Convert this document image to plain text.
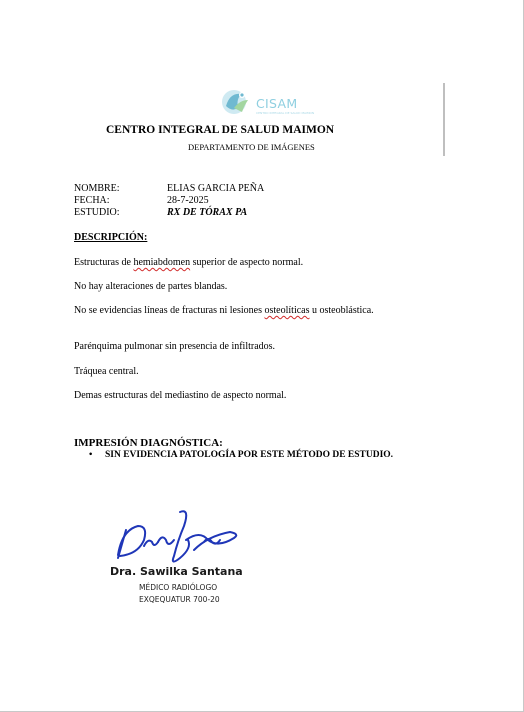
CISAM
CENTRO INTEGRAL DE SALUD MAIMON
CENTRO INTEGRAL DE SALUD MAIMON
DEPARTAMENTO DE IMÁGENES
NOMBRE:	ELIAS GARCIA PEÑA
FECHA:	28-7-2025
ESTUDIO:	RX DE TÓRAX PA
DESCRIPCIÓN:
Estructuras de hemiabdomen superior de aspecto normal.
No hay alteraciones de partes blandas.
No se evidencias líneas de fracturas ni lesiones osteolíticas u osteoblástica.
Parénquima pulmonar sin presencia de infiltrados.
Tráquea central.
Demas estructuras del mediastino de aspecto normal.
IMPRESIÓN DIAGNÓSTICA:
• SIN EVIDENCIA PATOLOGÍA POR ESTE MÉTODO DE ESTUDIO.
Dra. Sawilka Santana
MÉDICO RADIÓLOGO
EXQEQUATUR 700-20
